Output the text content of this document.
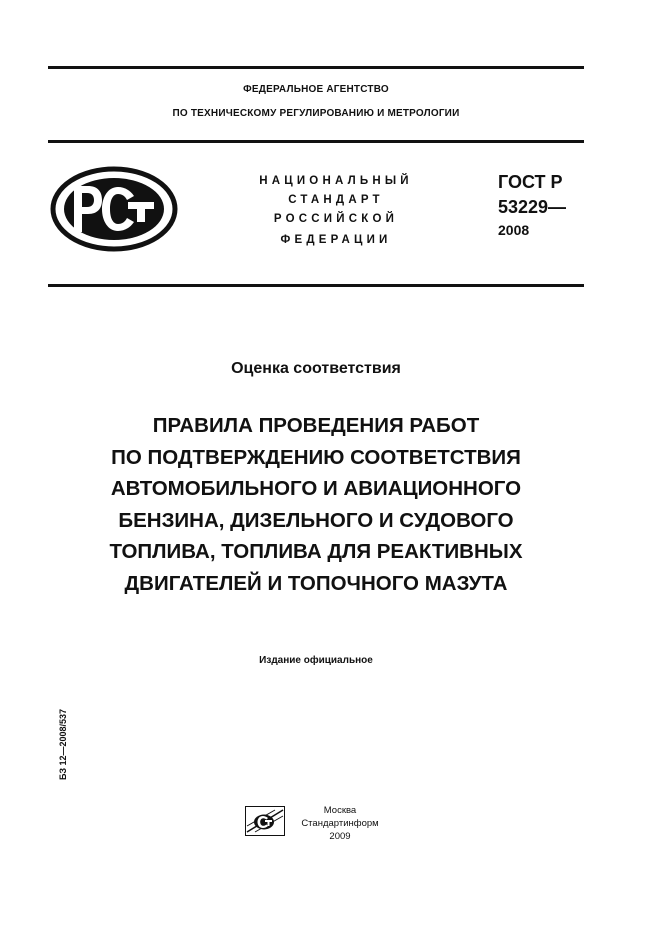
ФЕДЕРАЛЬНОЕ АГЕНТСТВО
ПО ТЕХНИЧЕСКОМУ РЕГУЛИРОВАНИЮ И МЕТРОЛОГИИ
НАЦИОНАЛЬНЫЙ
СТАНДАРТ
РОССИЙСКОЙ
ФЕДЕРАЦИИ
ГОСТ Р
53229—
2008
Оценка соответствия
ПРАВИЛА ПРОВЕДЕНИЯ РАБОТ
ПО ПОДТВЕРЖДЕНИЮ СООТВЕТСТВИЯ
АВТОМОБИЛЬНОГО И АВИАЦИОННОГО
БЕНЗИНА, ДИЗЕЛЬНОГО И СУДОВОГО
ТОПЛИВА, ТОПЛИВА ДЛЯ РЕАКТИВНЫХ
ДВИГАТЕЛЕЙ И ТОПОЧНОГО МАЗУТА
Издание официальное
БЗ 12—2008/537
Москва
Стандартинформ
2009
